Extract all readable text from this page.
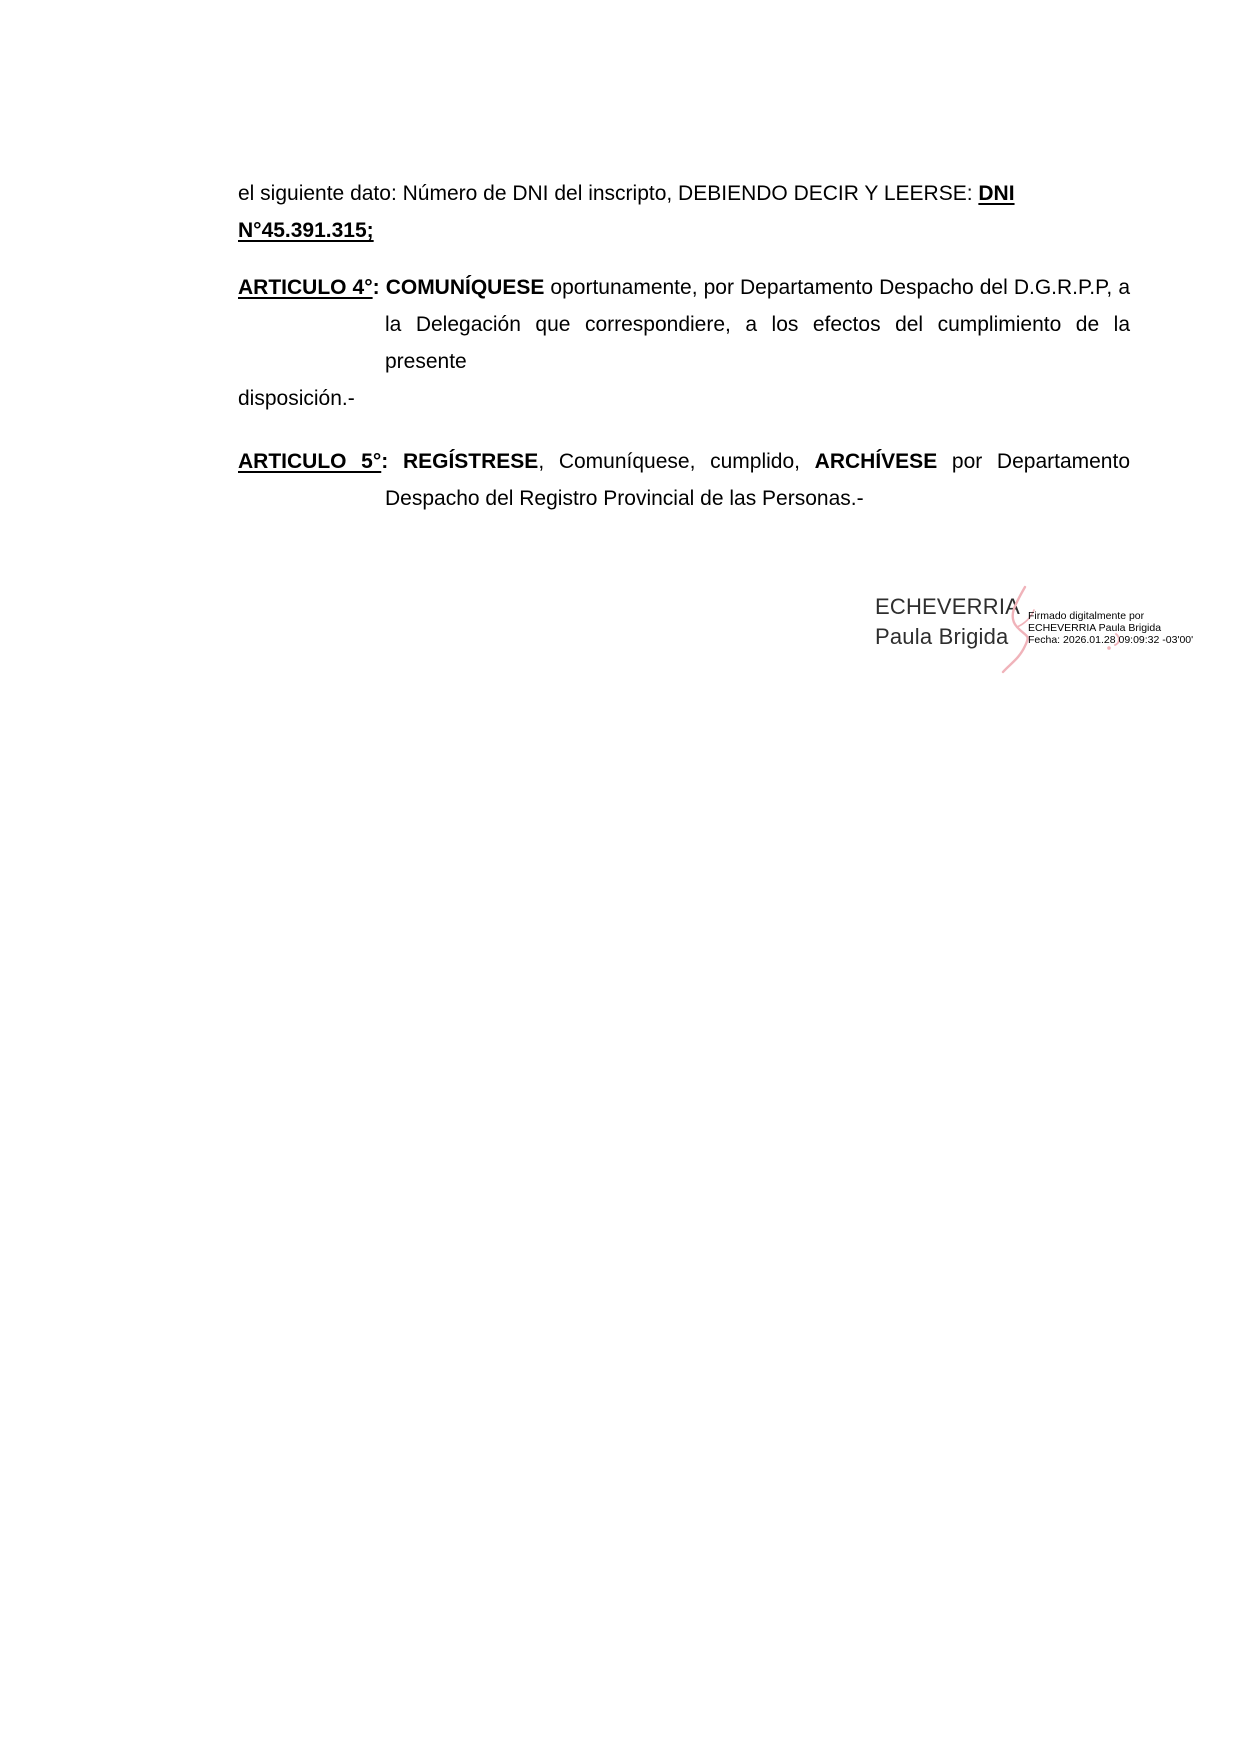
el siguiente dato: Número de DNI del inscripto, DEBIENDO DECIR Y LEERSE: DNI
N°45.391.315;

ARTICULO 4°: COMUNÍQUESE oportunamente, por Departamento Despacho del D.G.R.P.P, a
la Delegación que correspondiere, a los efectos del cumplimiento de la presente
disposición.-

ARTICULO 5°: REGÍSTRESE, Comuníquese, cumplido, ARCHÍVESE por Departamento
Despacho del Registro Provincial de las Personas.-

ECHEVERRIA
Paula Brigida
Firmado digitalmente por
ECHEVERRIA Paula Brigida
Fecha: 2026.01.28 09:09:32 -03'00'
